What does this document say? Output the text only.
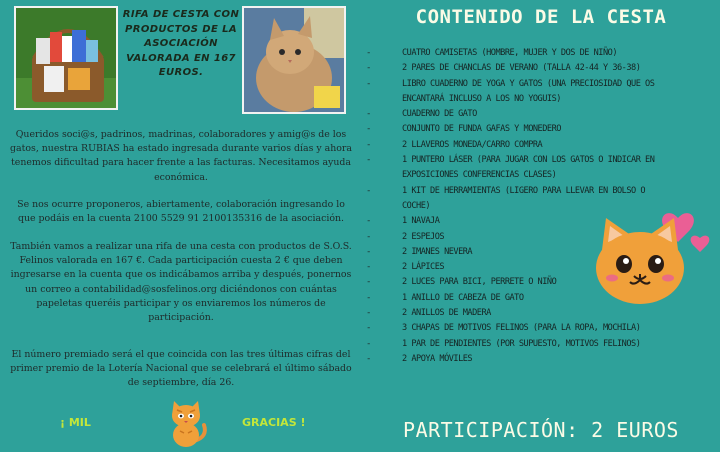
RIFA DE CESTA CON PRODUCTOS DE LA ASOCIACIÓN VALORADA EN 167 EUROS.

Queridos soci@s, padrinos, madrinas, colaboradores y amig@s de los gatos, nuestra RUBIAS ha estado ingresada durante varios días y ahora tenemos dificultad para hacer frente a las facturas. Necesitamos ayuda económica.

Se nos ocurre proponeros, abiertamente, colaboración ingresando lo que podáis en la cuenta 2100 5529 91 2100135316 de la asociación.

También vamos a realizar una rifa de una cesta con productos de S.O.S. Felinos valorada en 167 €. Cada participación cuesta 2 € que deben ingresarse en la cuenta que os indicábamos arriba y después, ponernos un correo a contabilidad@sosfelinos.org diciéndonos con cuántas papeletas queréis participar y os enviaremos los números de participación.

El número premiado será el que coincida con las tres últimas cifras del primer premio de la Lotería Nacional que se celebrará el último sábado de septiembre, día 26.

¡ MIL	GRACIAS !
CONTENIDO DE LA CESTA
-	CUATRO CAMISETAS (HOMBRE, MUJER Y DOS DE NIÑO)
-	2 PARES DE CHANCLAS DE VERANO (TALLA 42-44 Y 36-38)
-	LIBRO CUADERNO DE YOGA Y GATOS (UNA PRECIOSIDAD QUE OS ENCANTARÁ INCLUSO A LOS NO YOGUIS)
-	CUADERNO DE GATO
-	CONJUNTO DE FUNDA GAFAS Y MONEDERO
-	2 LLAVEROS MONEDA/CARRO COMPRA
-	1 PUNTERO LÁSER (PARA JUGAR CON LOS GATOS O INDICAR EN EXPOSICIONES CONFERENCIAS CLASES)
-	1 KIT DE HERRAMIENTAS (LIGERO PARA LLEVAR EN BOLSO O COCHE)
-	1 NAVAJA
-	2 ESPEJOS
-	2 IMANES NEVERA
-	2 LÁPICES
-	2 LUCES PARA BICI, PERRETE O NIÑO
-	1 ANILLO DE CABEZA DE GATO
-	2 ANILLOS DE MADERA
-	3 CHAPAS DE MOTIVOS FELINOS (PARA LA ROPA, MOCHILA)
-	1 PAR DE PENDIENTES (POR SUPUESTO, MOTIVOS FELINOS)
-	2 APOYA MÓVILES
PARTICIPACIÓN: 2 EUROS
